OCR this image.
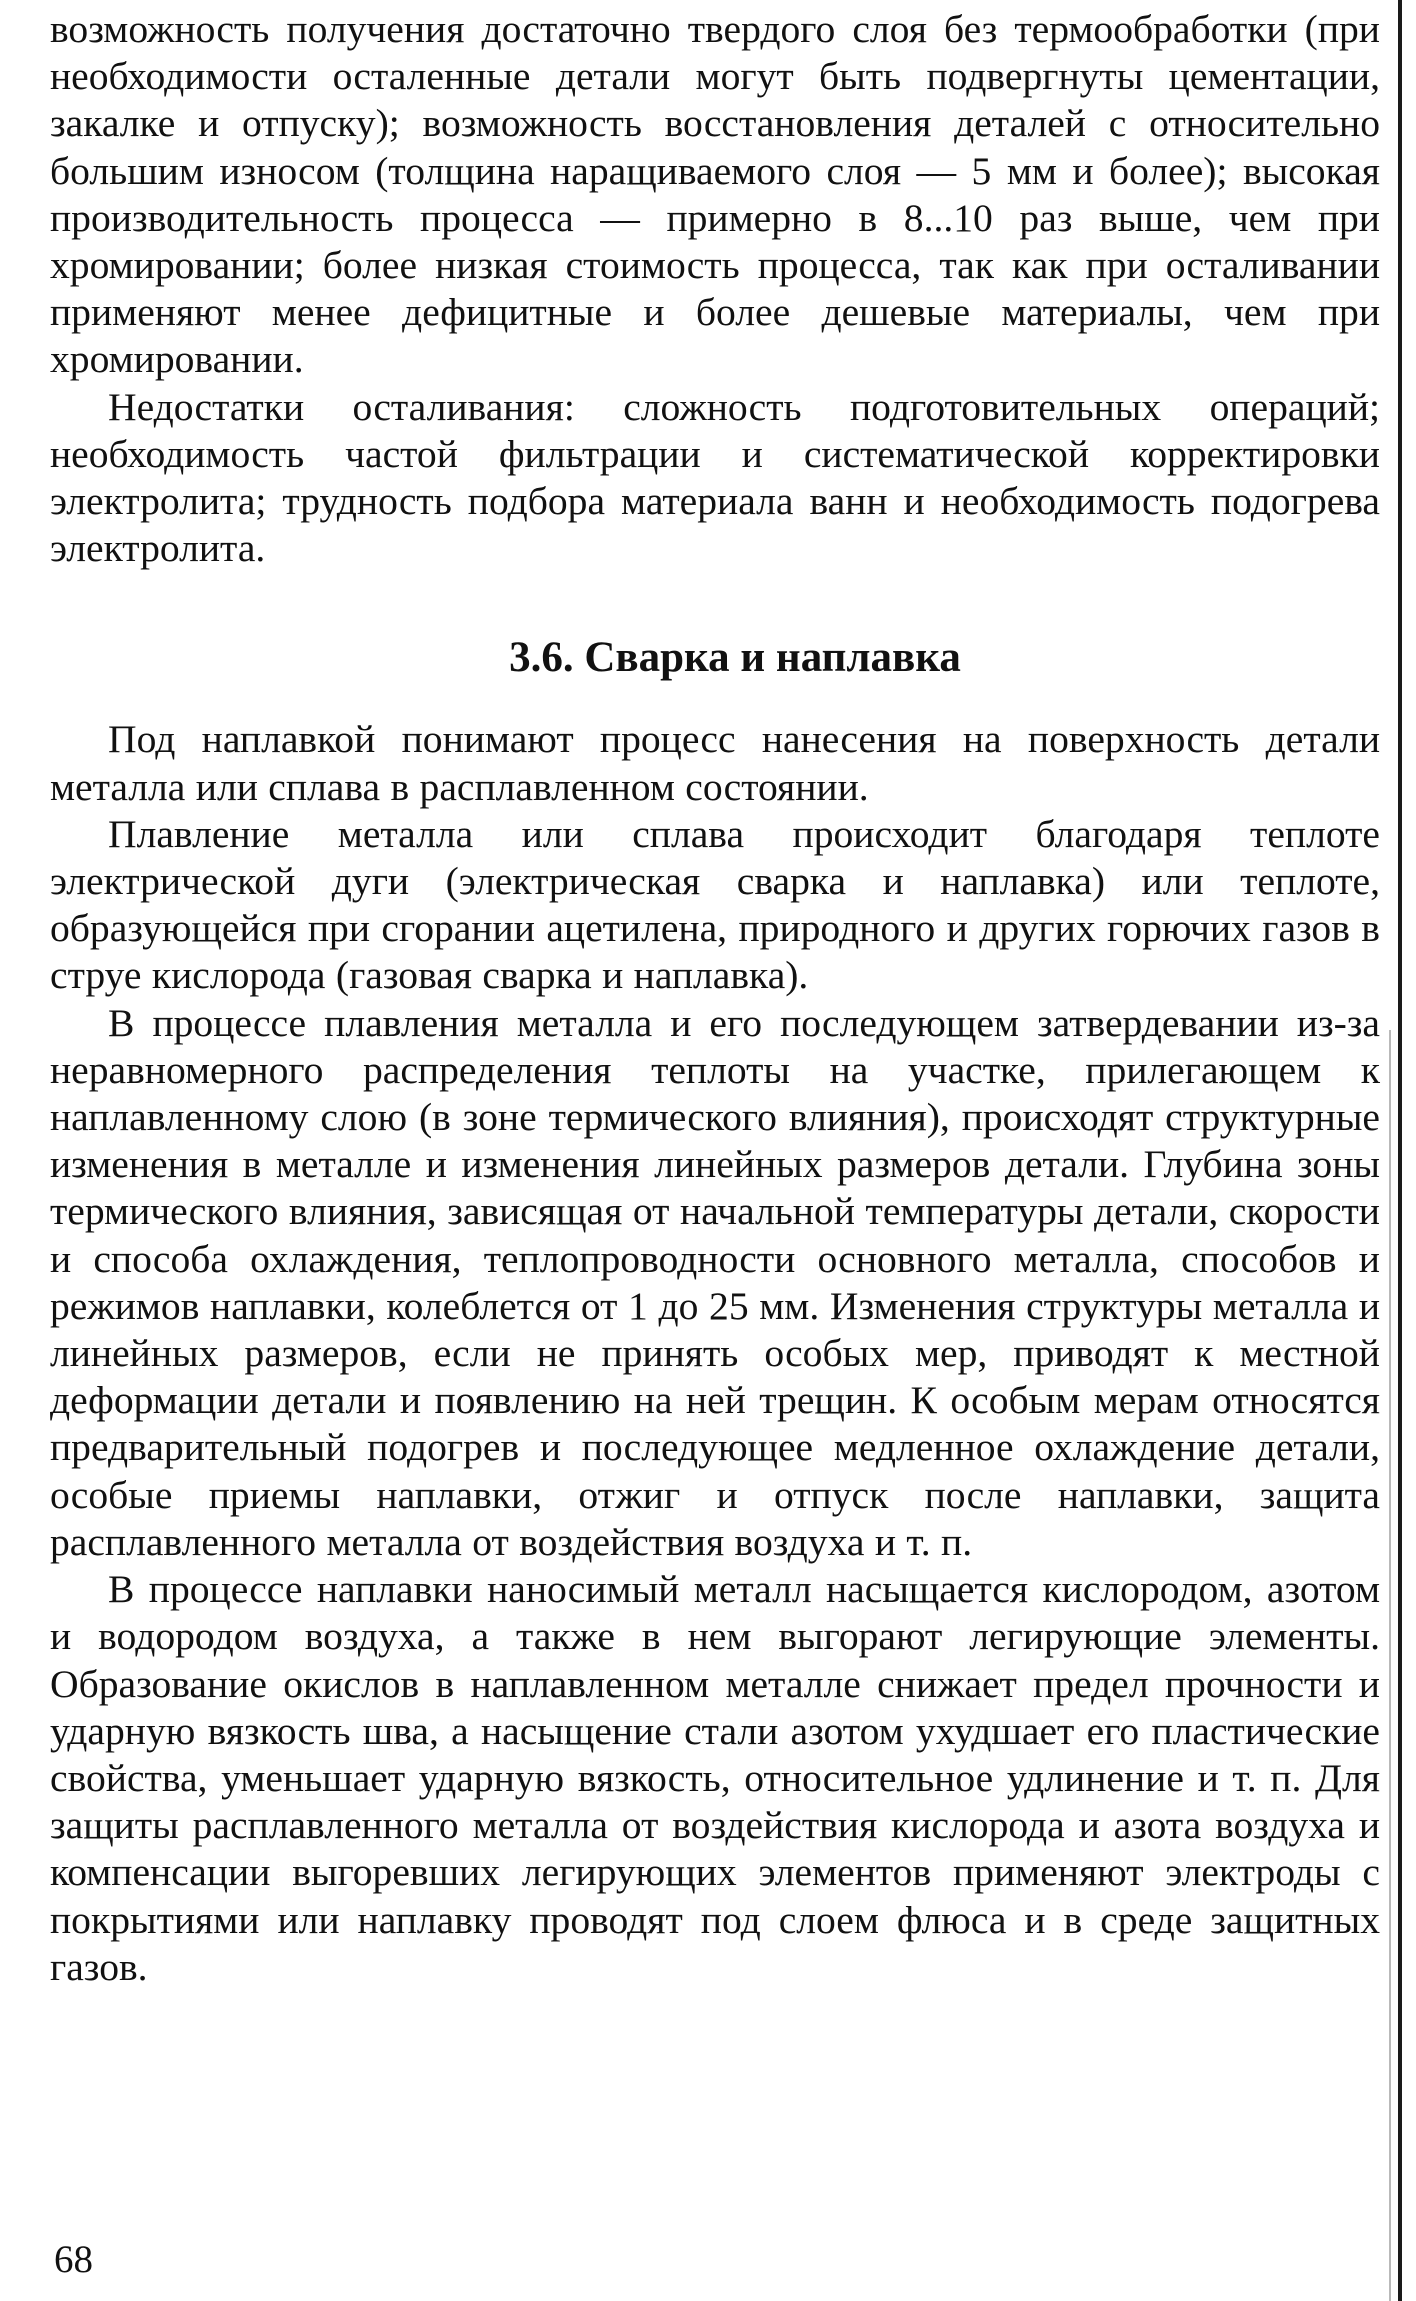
возможность получения достаточно твердого слоя без термообработки (при необходимости осталенные детали могут быть подвергнуты цементации, закалке и отпуску); возможность восстановления деталей с относительно большим износом (толщина наращиваемого слоя — 5 мм и более); высокая производительность процесса — примерно в 8...10 раз выше, чем при хромировании; более низкая стоимость процесса, так как при осталивании применяют менее дефицитные и более дешевые материалы, чем при хромировании.

Недостатки осталивания: сложность подготовительных операций; необходимость частой фильтрации и систематической корректировки электролита; трудность подбора материала ванн и необходимость подогрева электролита.

3.6. Сварка и наплавка

Под наплавкой понимают процесс нанесения на поверхность детали металла или сплава в расплавленном состоянии.

Плавление металла или сплава происходит благодаря теплоте электрической дуги (электрическая сварка и наплавка) или теплоте, образующейся при сгорании ацетилена, природного и других горючих газов в струе кислорода (газовая сварка и наплавка).

В процессе плавления металла и его последующем затвердевании из-за неравномерного распределения теплоты на участке, прилегающем к наплавленному слою (в зоне термического влияния), происходят структурные изменения в металле и изменения линейных размеров детали. Глубина зоны термического влияния, зависящая от начальной температуры детали, скорости и способа охлаждения, теплопроводности основного металла, способов и режимов наплавки, колеблется от 1 до 25 мм. Изменения структуры металла и линейных размеров, если не принять особых мер, приводят к местной деформации детали и появлению на ней трещин. К особым мерам относятся предварительный подогрев и последующее медленное охлаждение детали, особые приемы наплавки, отжиг и отпуск после наплавки, защита расплавленного металла от воздействия воздуха и т. п.

В процессе наплавки наносимый металл насыщается кислородом, азотом и водородом воздуха, а также в нем выгорают легирующие элементы. Образование окислов в наплавленном металле снижает предел прочности и ударную вязкость шва, а насыщение стали азотом ухудшает его пластические свойства, уменьшает ударную вязкость, относительное удлинение и т. п. Для защиты расплавленного металла от воздействия кислорода и азота воздуха и компенсации выгоревших легирующих элементов применяют электроды с покрытиями или наплавку проводят под слоем флюса и в среде защитных газов.

68
